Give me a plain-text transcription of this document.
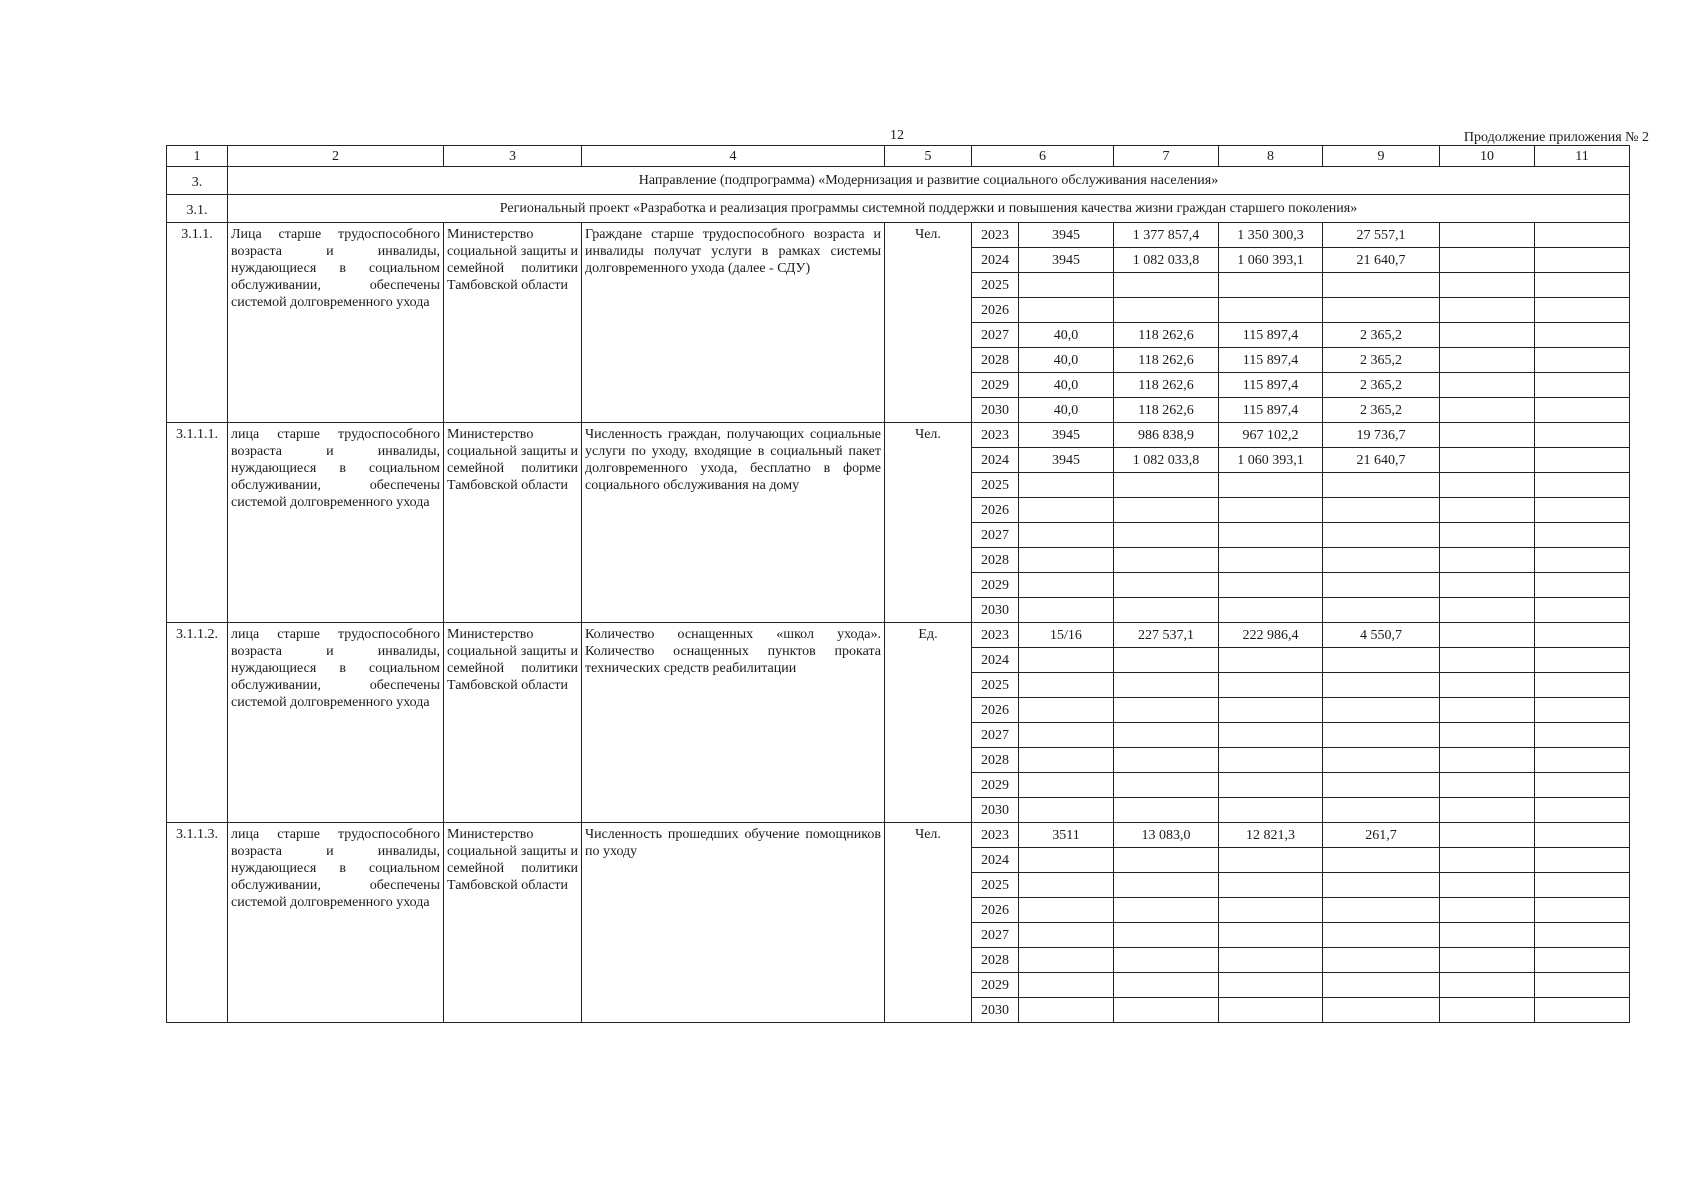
12	Продолжение приложения № 2
1	2	3	4	5	6		7	8	9	10	11
3.	Направление (подпрограмма) «Модернизация и развитие социального обслуживания населения»										
3.1.	Региональный проект «Разработка и реализация программы системной поддержки и повышения качества жизни граждан старшего поколения»										
3.1.1.	Лица старше трудоспособного возраста и инвалиды, нуждающиеся в социальном обслуживании, обеспечены системой долговременного ухода	Министерство социальной защиты и семейной политики Тамбовской области	Граждане старше трудоспособного возраста и инвалиды получат услуги в рамках системы долговременного ухода (далее - СДУ)	Чел.	2023	3945	1 377 857,4	1 350 300,3	27 557,1		
					2024	3945	1 082 033,8	1 060 393,1	21 640,7		
					2025						
					2026						
					2027	40,0	118 262,6	115 897,4	2 365,2		
					2028	40,0	118 262,6	115 897,4	2 365,2		
					2029	40,0	118 262,6	115 897,4	2 365,2		
					2030	40,0	118 262,6	115 897,4	2 365,2		
3.1.1.1.	лица старше трудоспособного возраста и инвалиды, нуждающиеся в социальном обслуживании, обеспечены системой долговременного ухода	Министерство социальной защиты и семейной политики Тамбовской области	Численность граждан, получающих социальные услуги по уходу, входящие в социальный пакет долговременного ухода, бесплатно в форме социального обслуживания на дому	Чел.	2023	3945	986 838,9	967 102,2	19 736,7		
					2024	3945	1 082 033,8	1 060 393,1	21 640,7		
					2025						
					2026						
					2027						
					2028						
					2029						
					2030						
3.1.1.2.	лица старше трудоспособного возраста и инвалиды, нуждающиеся в социальном обслуживании, обеспечены системой долговременного ухода	Министерство социальной защиты и семейной политики Тамбовской области	Количество оснащенных «школ ухода». Количество оснащенных пунктов проката технических средств реабилитации	Ед.	2023	15/16	227 537,1	222 986,4	4 550,7		
					2024						
					2025						
					2026						
					2027						
					2028						
					2029						
					2030						
3.1.1.3.	лица старше трудоспособного возраста и инвалиды, нуждающиеся в социальном обслуживании, обеспечены системой долговременного ухода	Министерство социальной защиты и семейной политики Тамбовской области	Численность прошедших обучение помощников по уходу	Чел.	2023	3511	13 083,0	12 821,3	261,7		
					2024						
					2025						
					2026						
					2027						
					2028						
					2029						
					2030						
